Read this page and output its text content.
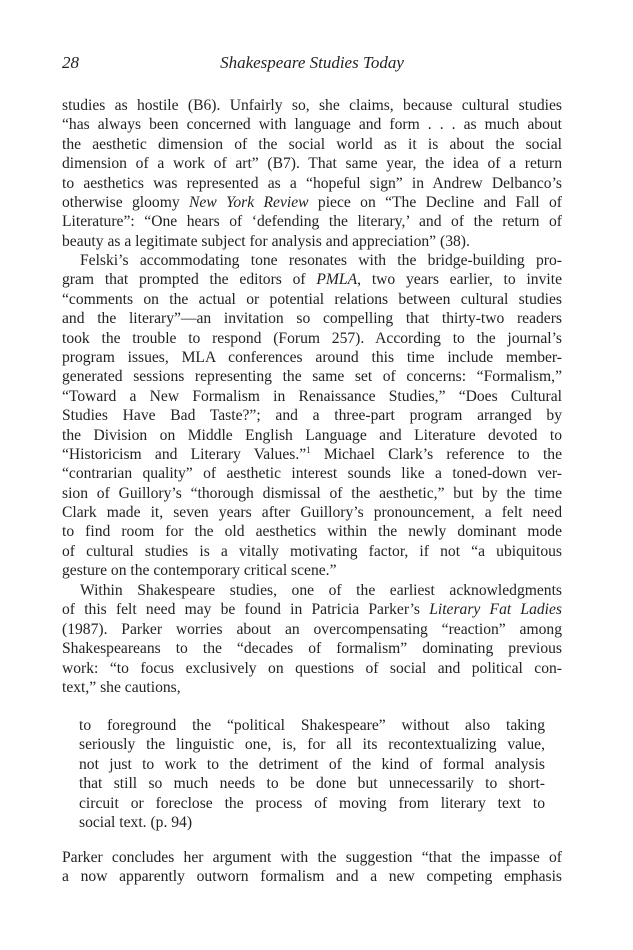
28	Shakespeare Studies Today
studies as hostile (B6). Unfairly so, she claims, because cultural studies
“has always been concerned with language and form . . . as much about
the aesthetic dimension of the social world as it is about the social
dimension of a work of art” (B7). That same year, the idea of a return
to aesthetics was represented as a “hopeful sign” in Andrew Delbanco’s
otherwise gloomy New York Review piece on “The Decline and Fall of
Literature”: “One hears of ‘defending the literary,’ and of the return of
beauty as a legitimate subject for analysis and appreciation” (38).
Felski’s accommodating tone resonates with the bridge-building pro-
gram that prompted the editors of PMLA, two years earlier, to invite
“comments on the actual or potential relations between cultural studies
and the literary”—an invitation so compelling that thirty-two readers
took the trouble to respond (Forum 257). According to the journal’s
program issues, MLA conferences around this time include member-
generated sessions representing the same set of concerns: “Formalism,”
“Toward a New Formalism in Renaissance Studies,” “Does Cultural
Studies Have Bad Taste?”; and a three-part program arranged by
the Division on Middle English Language and Literature devoted to
“Historicism and Literary Values.”$^1$ Michael Clark’s reference to the
“contrarian quality” of aesthetic interest sounds like a toned-down ver-
sion of Guillory’s “thorough dismissal of the aesthetic,” but by the time
Clark made it, seven years after Guillory’s pronouncement, a felt need
to find room for the old aesthetics within the newly dominant mode
of cultural studies is a vitally motivating factor, if not “a ubiquitous
gesture on the contemporary critical scene.”
Within Shakespeare studies, one of the earliest acknowledgments
of this felt need may be found in Patricia Parker’s Literary Fat Ladies
(1987). Parker worries about an overcompensating “reaction” among
Shakespeareans to the “decades of formalism” dominating previous
work: “to focus exclusively on questions of social and political con-
text,” she cautions,
to foreground the “political Shakespeare” without also taking
seriously the linguistic one, is, for all its recontextualizing value,
not just to work to the detriment of the kind of formal analysis
that still so much needs to be done but unnecessarily to short-
circuit or foreclose the process of moving from literary text to
social text. (p. 94)
Parker concludes her argument with the suggestion “that the impasse of
a now apparently outworn formalism and a new competing emphasis
